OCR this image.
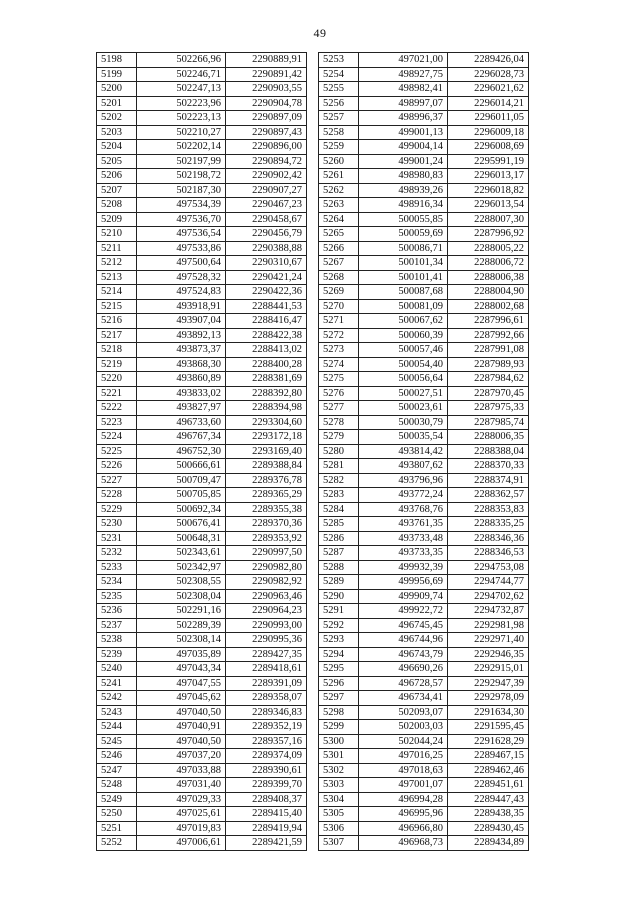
49
5198	502266,96	2290889,91
5199	502246,71	2290891,42
5200	502247,13	2290903,55
5201	502223,96	2290904,78
5202	502223,13	2290897,09
5203	502210,27	2290897,43
5204	502202,14	2290896,00
5205	502197,99	2290894,72
5206	502198,72	2290902,42
5207	502187,30	2290907,27
5208	497534,39	2290467,23
5209	497536,70	2290458,67
5210	497536,54	2290456,79
5211	497533,86	2290388,88
5212	497500,64	2290310,67
5213	497528,32	2290421,24
5214	497524,83	2290422,36
5215	493918,91	2288441,53
5216	493907,04	2288416,47
5217	493892,13	2288422,38
5218	493873,37	2288413,02
5219	493868,30	2288400,28
5220	493860,89	2288381,69
5221	493833,02	2288392,80
5222	493827,97	2288394,98
5223	496733,60	2293304,60
5224	496767,34	2293172,18
5225	496752,30	2293169,40
5226	500666,61	2289388,84
5227	500709,47	2289376,78
5228	500705,85	2289365,29
5229	500692,34	2289355,38
5230	500676,41	2289370,36
5231	500648,31	2289353,92
5232	502343,61	2290997,50
5233	502342,97	2290982,80
5234	502308,55	2290982,92
5235	502308,04	2290963,46
5236	502291,16	2290964,23
5237	502289,39	2290993,00
5238	502308,14	2290995,36
5239	497035,89	2289427,35
5240	497043,34	2289418,61
5241	497047,55	2289391,09
5242	497045,62	2289358,07
5243	497040,50	2289346,83
5244	497040,91	2289352,19
5245	497040,50	2289357,16
5246	497037,20	2289374,09
5247	497033,88	2289390,61
5248	497031,40	2289399,70
5249	497029,33	2289408,37
5250	497025,61	2289415,40
5251	497019,83	2289419,94
5252	497006,61	2289421,59
5253	497021,00	2289426,04
5254	498927,75	2296028,73
5255	498982,41	2296021,62
5256	498997,07	2296014,21
5257	498996,37	2296011,05
5258	499001,13	2296009,18
5259	499004,14	2296008,69
5260	499001,24	2295991,19
5261	498980,83	2296013,17
5262	498939,26	2296018,82
5263	498916,34	2296013,54
5264	500055,85	2288007,30
5265	500059,69	2287996,92
5266	500086,71	2288005,22
5267	500101,34	2288006,72
5268	500101,41	2288006,38
5269	500087,68	2288004,90
5270	500081,09	2288002,68
5271	500067,62	2287996,61
5272	500060,39	2287992,66
5273	500057,46	2287991,08
5274	500054,40	2287989,93
5275	500056,64	2287984,62
5276	500027,51	2287970,45
5277	500023,61	2287975,33
5278	500030,79	2287985,74
5279	500035,54	2288006,35
5280	493814,42	2288388,04
5281	493807,62	2288370,33
5282	493796,96	2288374,91
5283	493772,24	2288362,57
5284	493768,76	2288353,83
5285	493761,35	2288335,25
5286	493733,48	2288346,36
5287	493733,35	2288346,53
5288	499932,39	2294753,08
5289	499956,69	2294744,77
5290	499909,74	2294702,62
5291	499922,72	2294732,87
5292	496745,45	2292981,98
5293	496744,96	2292971,40
5294	496743,79	2292946,35
5295	496690,26	2292915,01
5296	496728,57	2292947,39
5297	496734,41	2292978,09
5298	502093,07	2291634,30
5299	502003,03	2291595,45
5300	502044,24	2291628,29
5301	497016,25	2289467,15
5302	497018,63	2289462,46
5303	497001,07	2289451,61
5304	496994,28	2289447,43
5305	496995,96	2289438,35
5306	496966,80	2289430,45
5307	496968,73	2289434,89
